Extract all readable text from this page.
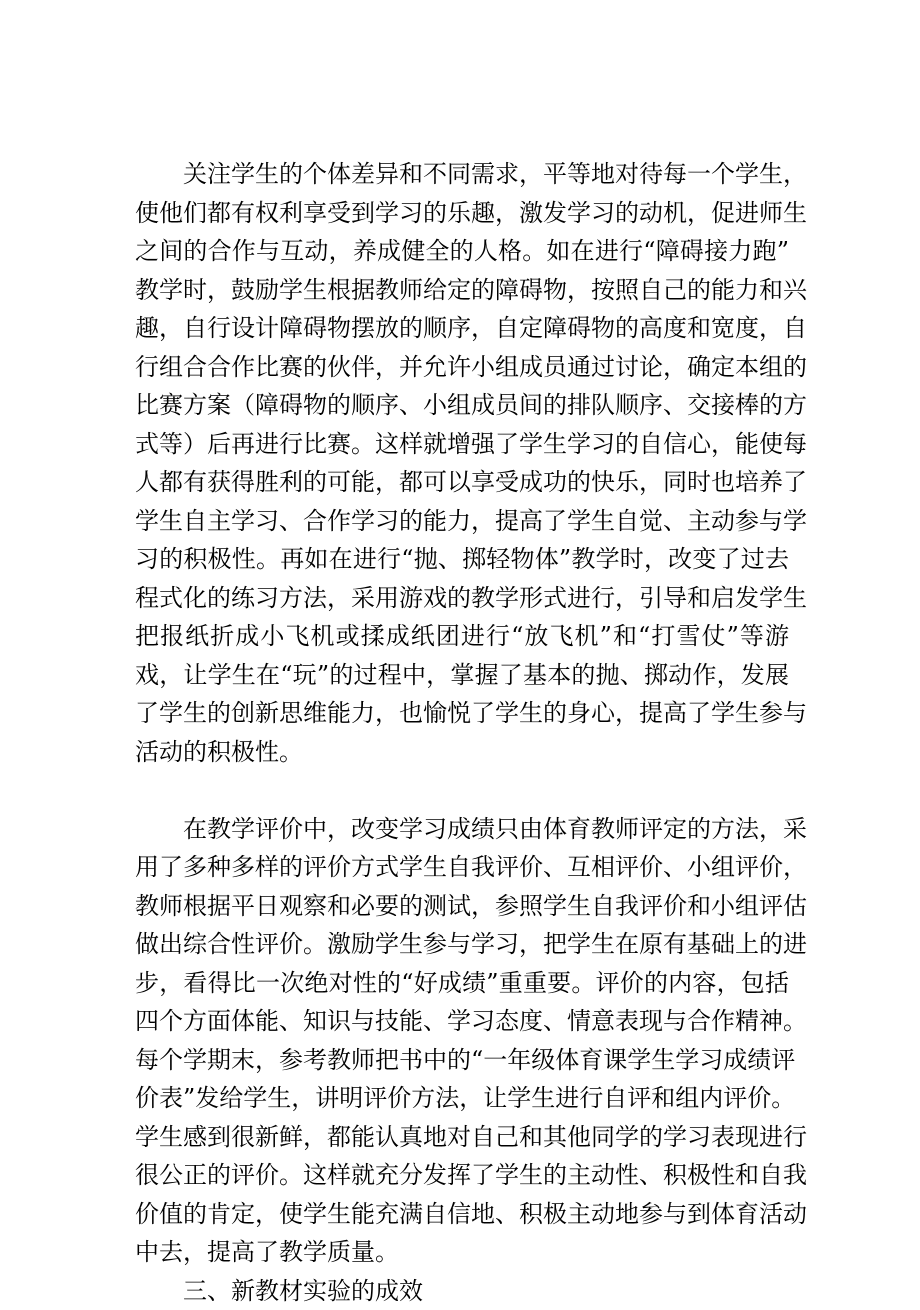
关注学生的个体差异和不同需求，平等地对待每一个学生，
使他们都有权利享受到学习的乐趣，激发学习的动机，促进师生
之间的合作与互动，养成健全的人格。如在进行“障碍接力跑”
教学时，鼓励学生根据教师给定的障碍物，按照自己的能力和兴
趣，自行设计障碍物摆放的顺序，自定障碍物的高度和宽度，自
行组合合作比赛的伙伴，并允许小组成员通过讨论，确定本组的
比赛方案（障碍物的顺序、小组成员间的排队顺序、交接棒的方
式等）后再进行比赛。这样就增强了学生学习的自信心，能使每
人都有获得胜利的可能，都可以享受成功的快乐，同时也培养了
学生自主学习、合作学习的能力，提高了学生自觉、主动参与学
习的积极性。再如在进行“抛、掷轻物体”教学时，改变了过去
程式化的练习方法，采用游戏的教学形式进行，引导和启发学生
把报纸折成小飞机或揉成纸团进行“放飞机”和“打雪仗”等游
戏，让学生在“玩”的过程中，掌握了基本的抛、掷动作，发展
了学生的创新思维能力，也愉悦了学生的身心，提高了学生参与
活动的积极性。
在教学评价中，改变学习成绩只由体育教师评定的方法，采
用了多种多样的评价方式学生自我评价、互相评价、小组评价，
教师根据平日观察和必要的测试，参照学生自我评价和小组评估
做出综合性评价。激励学生参与学习，把学生在原有基础上的进
步，看得比一次绝对性的“好成绩”重重要。评价的内容，包括
四个方面体能、知识与技能、学习态度、情意表现与合作精神。
每个学期末，参考教师把书中的“一年级体育课学生学习成绩评
价表”发给学生，讲明评价方法，让学生进行自评和组内评价。
学生感到很新鲜，都能认真地对自己和其他同学的学习表现进行
很公正的评价。这样就充分发挥了学生的主动性、积极性和自我
价值的肯定，使学生能充满自信地、积极主动地参与到体育活动
中去，提高了教学质量。
三、新教材实验的成效
